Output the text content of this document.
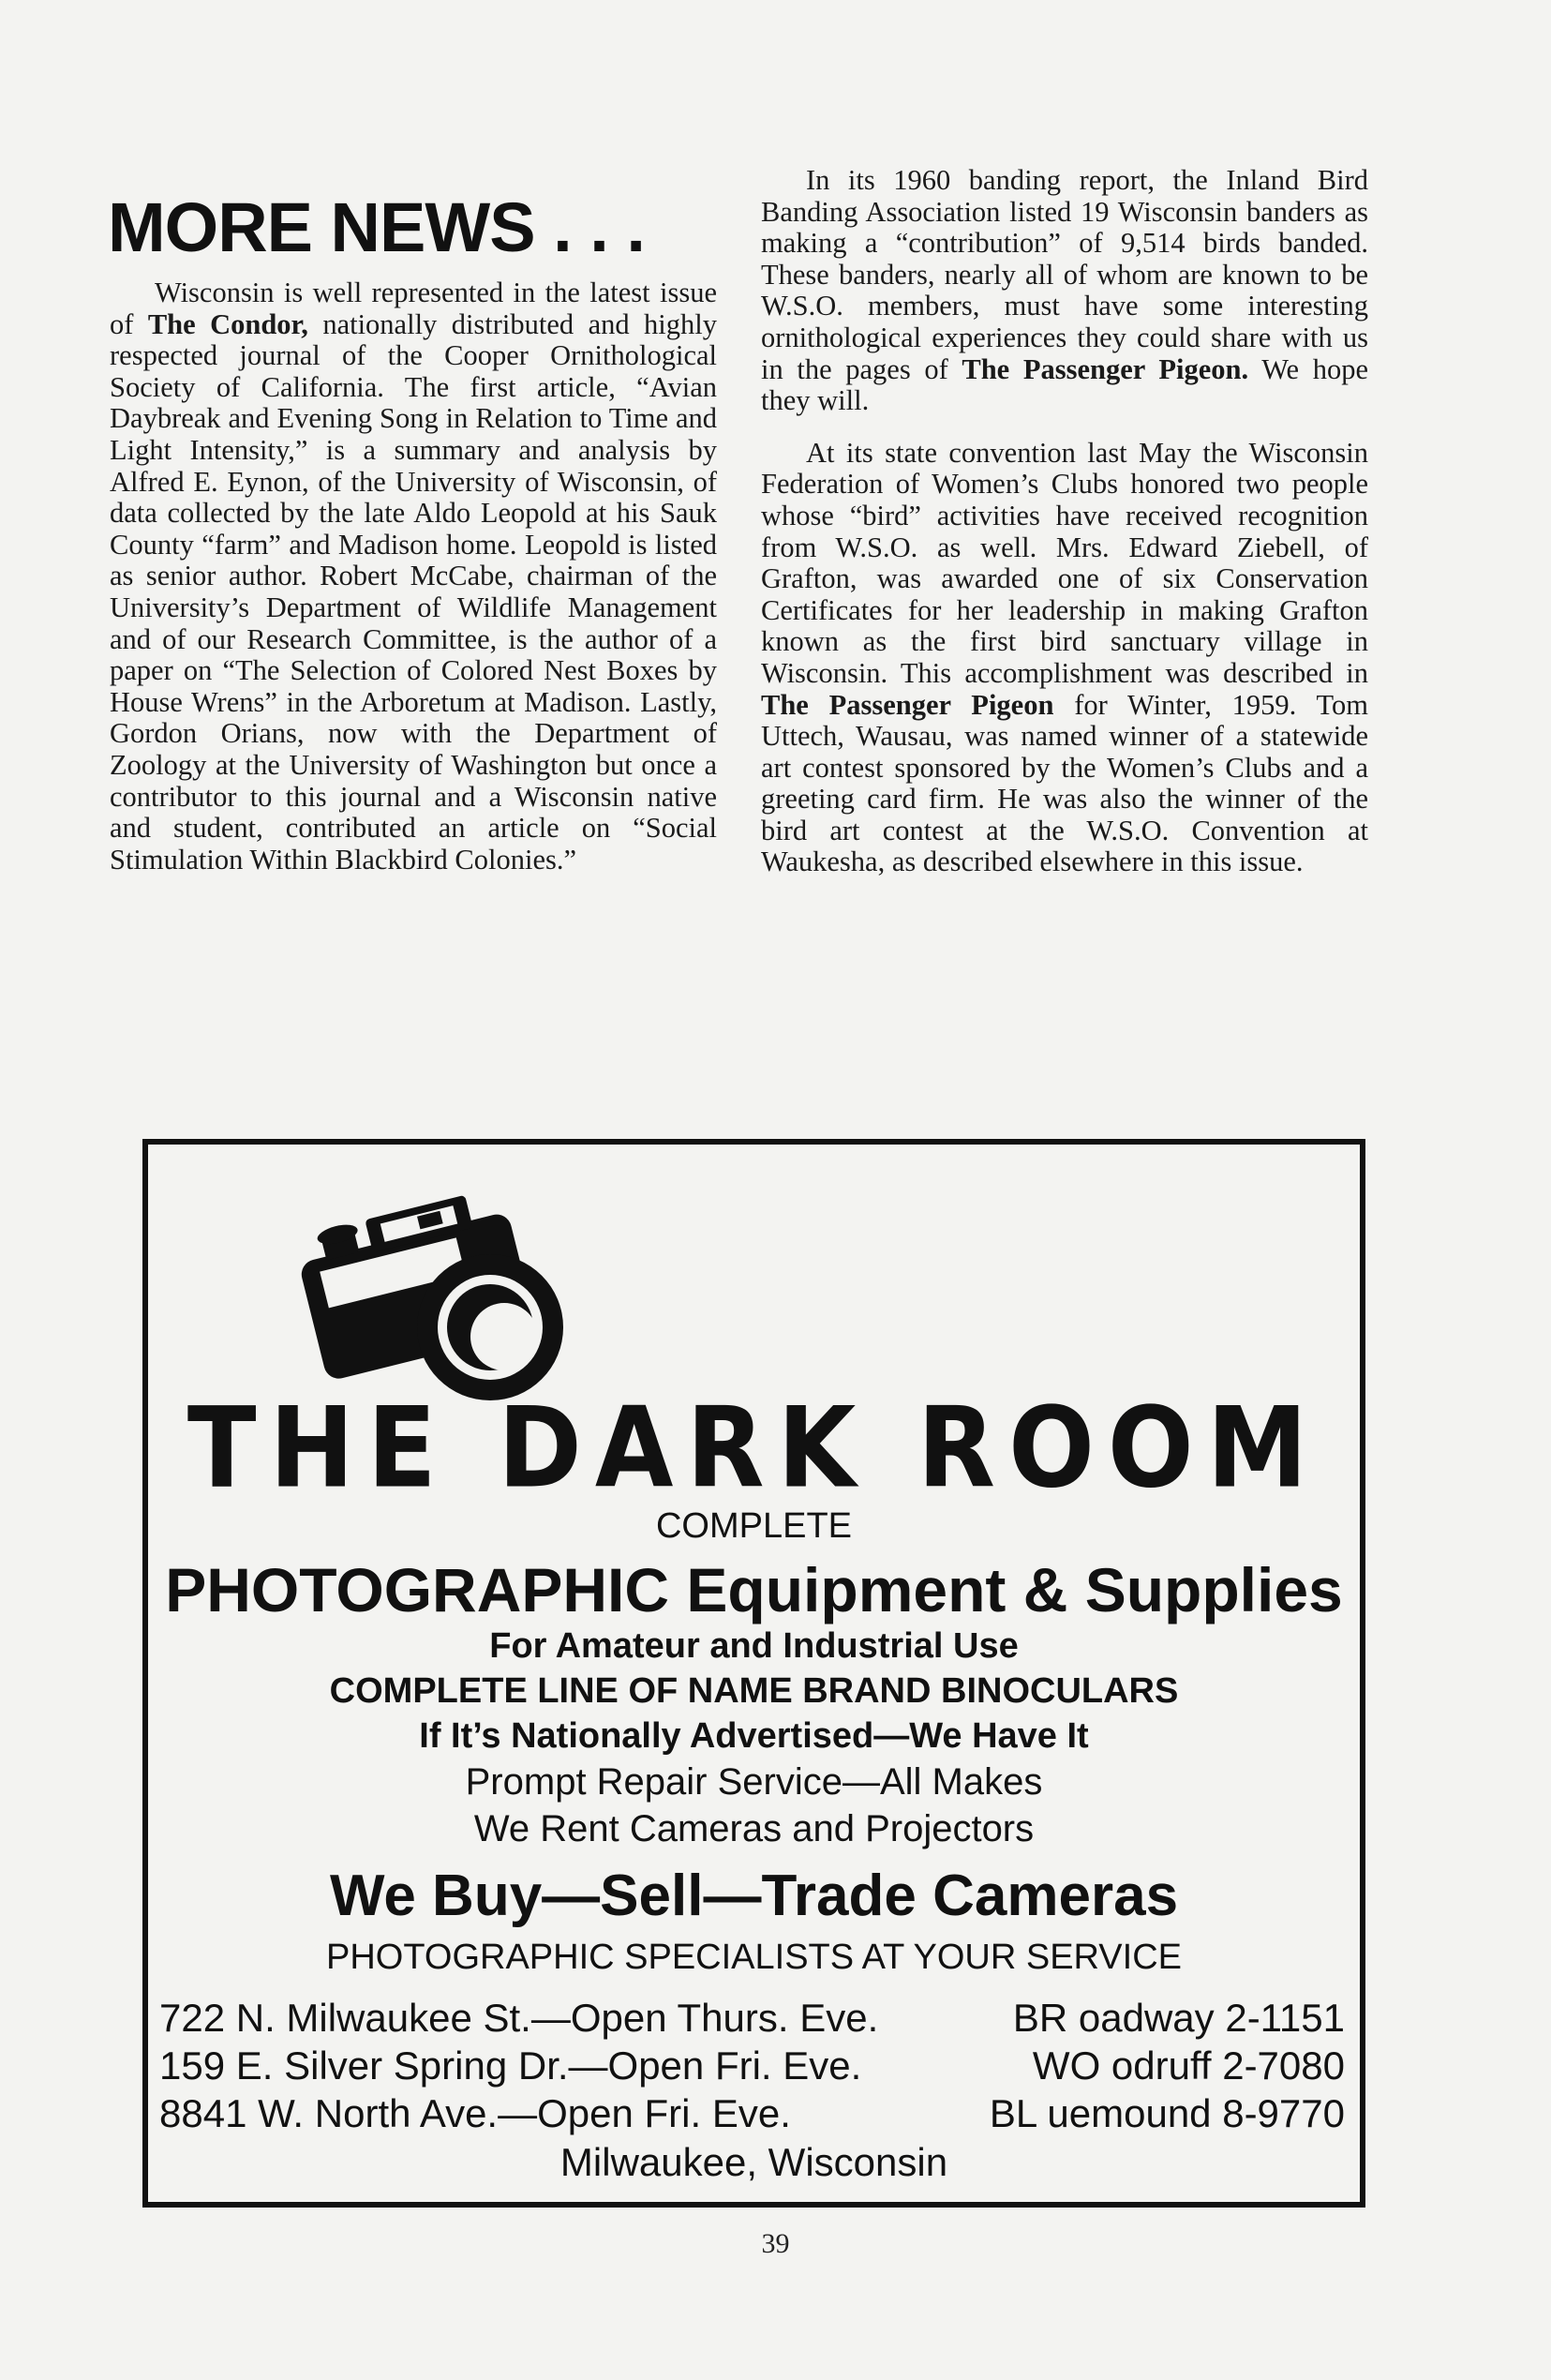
MORE NEWS . . .

Wisconsin is well represented in the latest issue of The Condor, nationally distributed and highly respected journal of the Cooper Ornithological Society of California. The first article, “Avian Daybreak and Evening Song in Relation to Time and Light Intensity,” is a summary and analysis by Alfred E. Eynon, of the University of Wisconsin, of data collected by the late Aldo Leopold at his Sauk County “farm” and Madison home. Leopold is listed as senior author. Robert McCabe, chairman of the University’s Department of Wildlife Management and of our Research Committee, is the author of a paper on “The Selection of Colored Nest Boxes by House Wrens” in the Arboretum at Madison. Lastly, Gordon Orians, now with the Department of Zoology at the University of Washington but once a contributor to this journal and a Wisconsin native and student, contributed an article on “Social Stimulation Within Blackbird Colonies.”

In its 1960 banding report, the Inland Bird Banding Association listed 19 Wisconsin banders as making a “contribution” of 9,514 birds banded. These banders, nearly all of whom are known to be W.S.O. members, must have some interesting ornithological experiences they could share with us in the pages of The Passenger Pigeon. We hope they will.

At its state convention last May the Wisconsin Federation of Women’s Clubs honored two people whose “bird” activities have received recognition from W.S.O. as well. Mrs. Edward Ziebell, of Grafton, was awarded one of six Conservation Certificates for her leadership in making Grafton known as the first bird sanctuary village in Wisconsin. This accomplishment was described in The Passenger Pigeon for Winter, 1959. Tom Uttech, Wausau, was named winner of a statewide art contest sponsored by the Women’s Clubs and a greeting card firm. He was also the winner of the bird art contest at the W.S.O. Convention at Waukesha, as described elsewhere in this issue.

THE DARK ROOM
COMPLETE
PHOTOGRAPHIC Equipment & Supplies
For Amateur and Industrial Use
COMPLETE LINE OF NAME BRAND BINOCULARS
If It’s Nationally Advertised—We Have It
Prompt Repair Service—All Makes
We Rent Cameras and Projectors
We Buy—Sell—Trade Cameras
PHOTOGRAPHIC SPECIALISTS AT YOUR SERVICE
722 N. Milwaukee St.—Open Thurs. Eve.	BR oadway 2-1151
159 E. Silver Spring Dr.—Open Fri. Eve.	WO odruff 2-7080
8841 W. North Ave.—Open Fri. Eve.	BL uemound 8-9770
Milwaukee, Wisconsin
39
